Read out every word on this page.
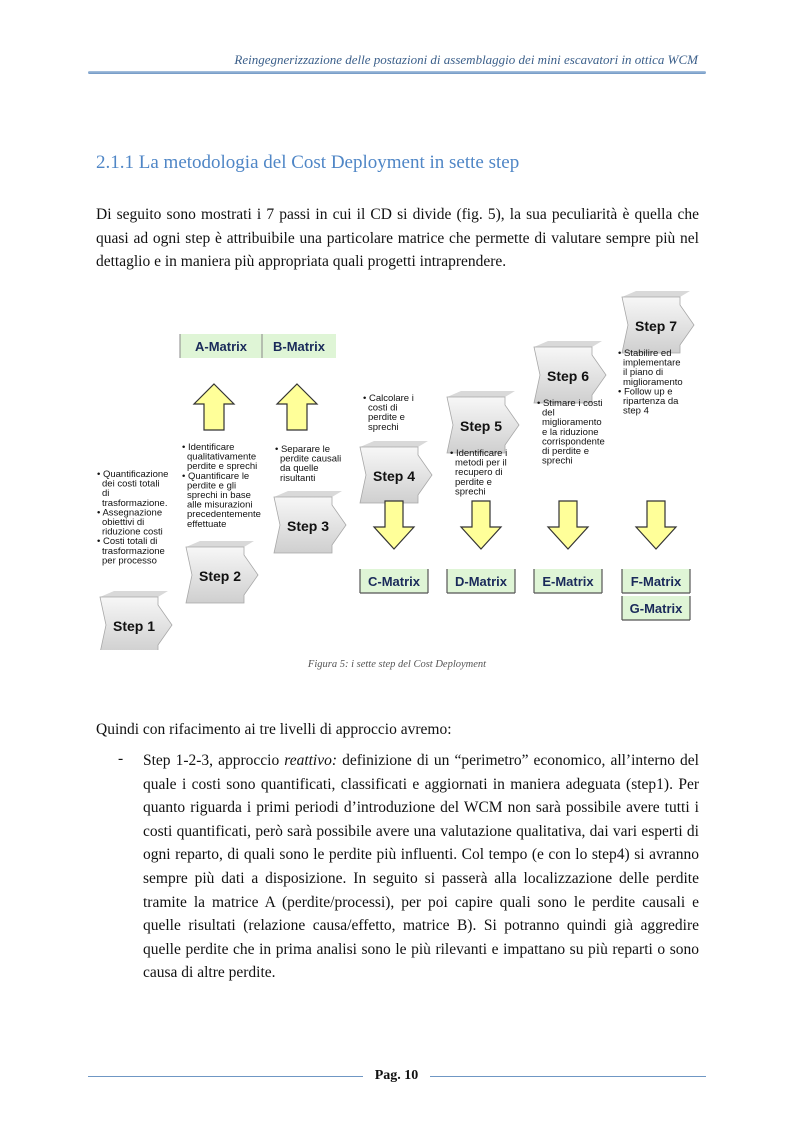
Reingegnerizzazione delle postazioni di assemblaggio dei mini escavatori in ottica WCM
2.1.1 La metodologia del Cost Deployment in sette step

Di seguito sono mostrati i 7 passi in cui il CD si divide (fig. 5), la sua peculiarità è quella che quasi ad ogni step è attribuibile una particolare matrice che permette di valutare sempre più nel dettaglio e in maniera più appropriata quali progetti intraprendere.

Step 1
Step 2
Step 3
Step 4
Step 5
Step 6
Step 7
A-Matrix B-Matrix
C-Matrix	D-Matrix	E-Matrix	F-Matrix
G-Matrix
• Quantificazione dei costi totali di trasformazione. • Assegnazione obiettivi di riduzione costi • Costi totali di trasformazione per processo
• Identificare qualitativamente perdite e sprechi • Quantificare le perdite e gli sprechi in base alle misurazioni precedentemente effettuate
• Separare le perdite causali da quelle risultanti
• Calcolare i costi di perdite e sprechi
• Identificare i metodi per il recupero di perdite e sprechi
• Stimare i costi del miglioramento e la riduzione corrispondente di perdite e sprechi
• Stabilire ed implementare il piano di miglioramento • Follow up e ripartenza da step 4
Figura 5: i sette step del Cost Deployment

Quindi con rifacimento ai tre livelli di approccio avremo:

- Step 1-2-3, approccio reattivo: definizione di un “perimetro” economico, all’interno del quale i costi sono quantificati, classificati e aggiornati in maniera adeguata (step1). Per quanto riguarda i primi periodi d’introduzione del WCM non sarà possibile avere tutti i costi quantificati, però sarà possibile avere una valutazione qualitativa, dai vari esperti di ogni reparto, di quali sono le perdite più influenti. Col tempo (e con lo step4) si avranno sempre più dati a disposizione. In seguito si passerà alla localizzazione delle perdite tramite la matrice A (perdite/processi), per poi capire quali sono le perdite causali e quelle risultati (relazione causa/effetto, matrice B). Si potranno quindi già aggredire quelle perdite che in prima analisi sono le più rilevanti e impattano su più reparti o sono causa di altre perdite.

Pag. 10
